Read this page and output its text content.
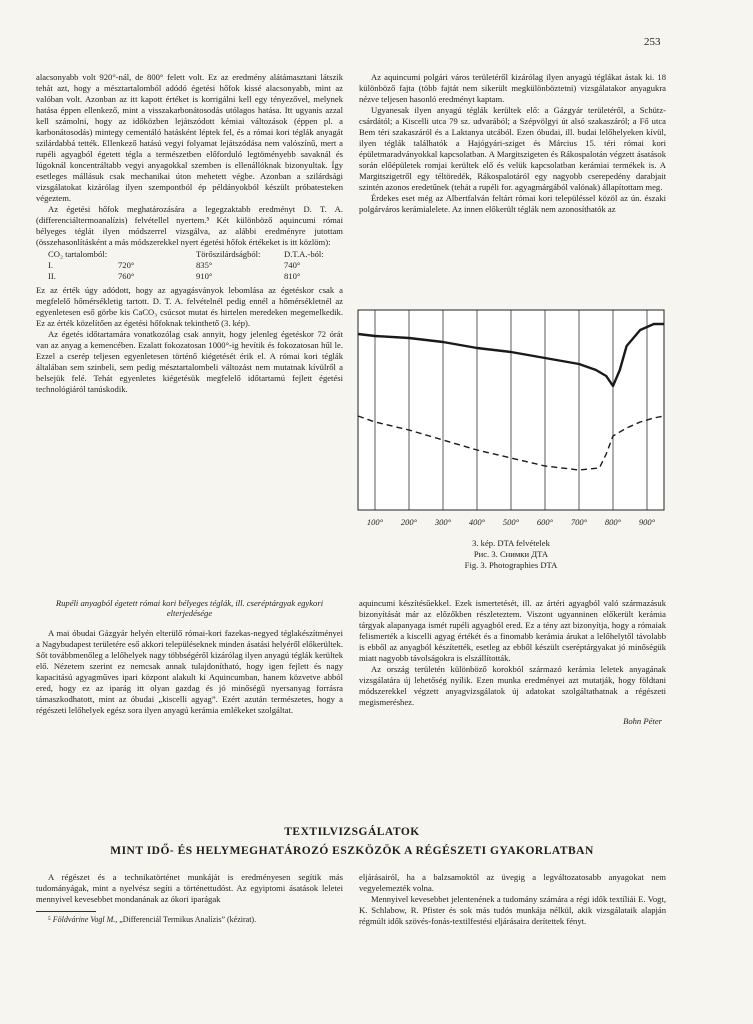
253

alacsonyabb volt 920°-nál, de 800° felett volt. Ez az eredmény alátámasztani látszik tehát azt, hogy a mésztartalomból adódó égetési hőfok kissé alacsonyabb, mint az valóban volt. Azonban az itt kapott értéket is korrigálni kell egy tényezővel, melynek hatása éppen ellenkező, mint a visszakarbonátosodás utólagos hatása. Itt ugyanis azzal kell számolni, hogy az időközben lejátszódott kémiai változások (éppen pl. a karbonátosodás) mintegy cementáló hatásként léptek fel, és a római kori téglák anyagát szilárdabbá tették. Ellenkező hatású vegyi folyamat lejátszódása nem valószínű, mert a rupéli agyagból égetett tégla a természetben előforduló legtöményebb savaknál és lúgoknál koncentráltabb vegyi anyagokkal szemben is ellenállóknak bizonyultak. Így esetleges mállásuk csak mechanikai úton mehetett végbe. Azonban a szilárdsági vizsgálatokat kizárólag ilyen szempontból ép példányokból készült próbatesteken végeztem.

Az égetési hőfok meghatározására a legegzaktabb eredményt D. T. A. (differenciáltermoanalízis) felvétellel nyertem.⁵ Két különböző aquincumi római bélyeges téglát ilyen módszerrel vizsgálva, az alábbi eredményre jutottam (összehasonlításként a más módszerekkel nyert égetési hőfok értékeket is itt közlöm):

CO₂ tartalomból:		Törőszilárdságból:	D.T.A.-ból:
I.	720°	835°	740°
II.	760°	910°	810°

Ez az érték úgy adódott, hogy az agyagásványok lebomlása az égetéskor csak a megfelelő hőmérsékletig tartott. D. T. A. felvételnél pedig ennél a hőmérsékletnél az egyenletesen eső görbe kis CaCO₃ csúcsot mutat és hirtelen meredeken megemelkedik. Ez az érték közelítően az égetési hőfoknak tekinthető (3. kép).

Az égetés időtartamára vonatkozólag csak annyit, hogy jelenleg égetéskor 72 órát van az anyag a kemencében. Ezalatt fokozatosan 1000°-ig hevítik és fokozatosan hűl le. Ezzel a cserép teljesen egyenletesen történő kiégetését érik el. A római kori téglák általában sem szinbeli, sem pedig mésztartalombeli változást nem mutatnak kívülről a belsejük felé. Tehát egyenletes kiégetésük megfelelő időtartamú fejlett égetési technológiáról tanúskodik.

Az aquincumi polgári város területéről kizárólag ilyen anyagú téglákat ástak ki. 18 különböző fajta (több fajtát nem sikerült megkülönböztetni) vizsgálatakor anyagukra nézve teljesen hasonló eredményt kaptam.

Ugyanesak ilyen anyagú téglák kerültek elő: a Gázgyár területéről, a Schütz-csárdától; a Kiscelli utca 79 sz. udvarából; a Szépvölgyi út alsó szakaszáról; a Fő utca Bem téri szakaszáról és a Laktanya utcából. Ezen óbudai, ill. budai lelőhelyeken kívül, ilyen téglák találhatók a Hajógyári-sziget és Március 15. téri római kori épületmaradványokkal kapcsolatban. A Margitszigeten és Rákospalotán végzett ásatások során előépületek romjai kerültek elő és velük kapcsolatban kerámiai termékek is. A Margitszigetről egy téltöredék, Rákospalotáról egy nagyobb cserepedény darabjait szintén azonos eredetűnek (tehát a rupéli for. agyagmárgából valónak) állapítottam meg.

Érdekes eset még az Albertfalván feltárt római kori településsel közöl az ún. északi polgárváros kerámialelete. Az innen előkerült téglák nem azonosíthatók az

100° 200° 300° 400° 500° 600° 700° 800° 900°
3. kép. DTA felvételek
Рис. 3. Снимки ДТА
Fig. 3. Photographies DTA
Rupéli anyagból égetett római kori bélyeges téglák, ill. cseréptárgyak egykori elterjedésége

A mai óbudai Gázgyár helyén elterülő római-kori fazekas-negyed téglakészítményei a Nagybudapest területére eső akkori településeknek minden ásatási helyéről előkerültek. Sőt továbbmenőleg a lelőhelyek nagy többségéről kizárólag ilyen anyagú téglák kerültek elő. Nézetem szerint ez nemcsak annak tulajdonítható, hogy igen fejlett és nagy kapacitású agyagműves ipari központ alakult ki Aquincumban, hanem közvetve abból ered, hogy ez az iparág itt olyan gazdag és jó minőségű nyersanyag forrásra támaszkodhatott, mint az óbudai „kiscelli agyag”. Ezért azután természetes, hogy a régészeti lelőhelyek egész sora ilyen anyagú kerámia emlékeket szolgáltat.

aquincumi készítésűekkel. Ezek ismertetését, ill. az ártéri agyagból való származásuk bizonyítását már az előzőkben részleteztem. Viszont ugyanninen előkerült kerámia tárgyak alapanyaga ismét rupéli agyagból ered. Ez a tény azt bizonyítja, hogy a rómaiak felismerték a kiscelli agyag értékét és a finomabb kerámia árukat a lelőhelytől távolabb is ebből az anyagból készítették, esetleg az ebből készült cseréptárgyakat jó minőségük miatt nagyobb távolságokra is elszállították.

Az ország területén különböző korokból származó kerámia leletek anyagának vizsgálatára új lehetőség nyílik. Ezen munka eredményei azt mutatják, hogy földtani módszerekkel végzett anyagvizsgálatok új adatokat szolgáltathatnak a régészeti megismeréshez.

Bohn Péter
TEXTILVIZSGÁLATOK
MINT IDŐ- ÉS HELYMEGHATÁROZÓ ESZKÖZÖK A RÉGÉSZETI GYAKORLATBAN

A régészet és a technikatörténet munkáját is eredményesen segítik más tudományágak, mint a nyelvész segíti a történettudóst. Az egyiptomi ásatások leletei mennyivel kevesebbet mondanának az ókori iparágak

⁵ Földvárine Vogl M., „Differenciál Termikus Analízis” (kézirat).

eljárásairól, ha a balzsamoktól az üvegig a legváltozatosabb anyagokat nem vegyelemezték volna.

Mennyivel kevesebbet jelentenének a tudomány számára a régi idők textíliái E. Vogt, K. Schlabow, R. Pfister és sok más tudós munkája nélkül, akik vizsgálataik alapján régmúlt idők szövés-fonás-textilfestési eljárásaira derítettek fényt.
